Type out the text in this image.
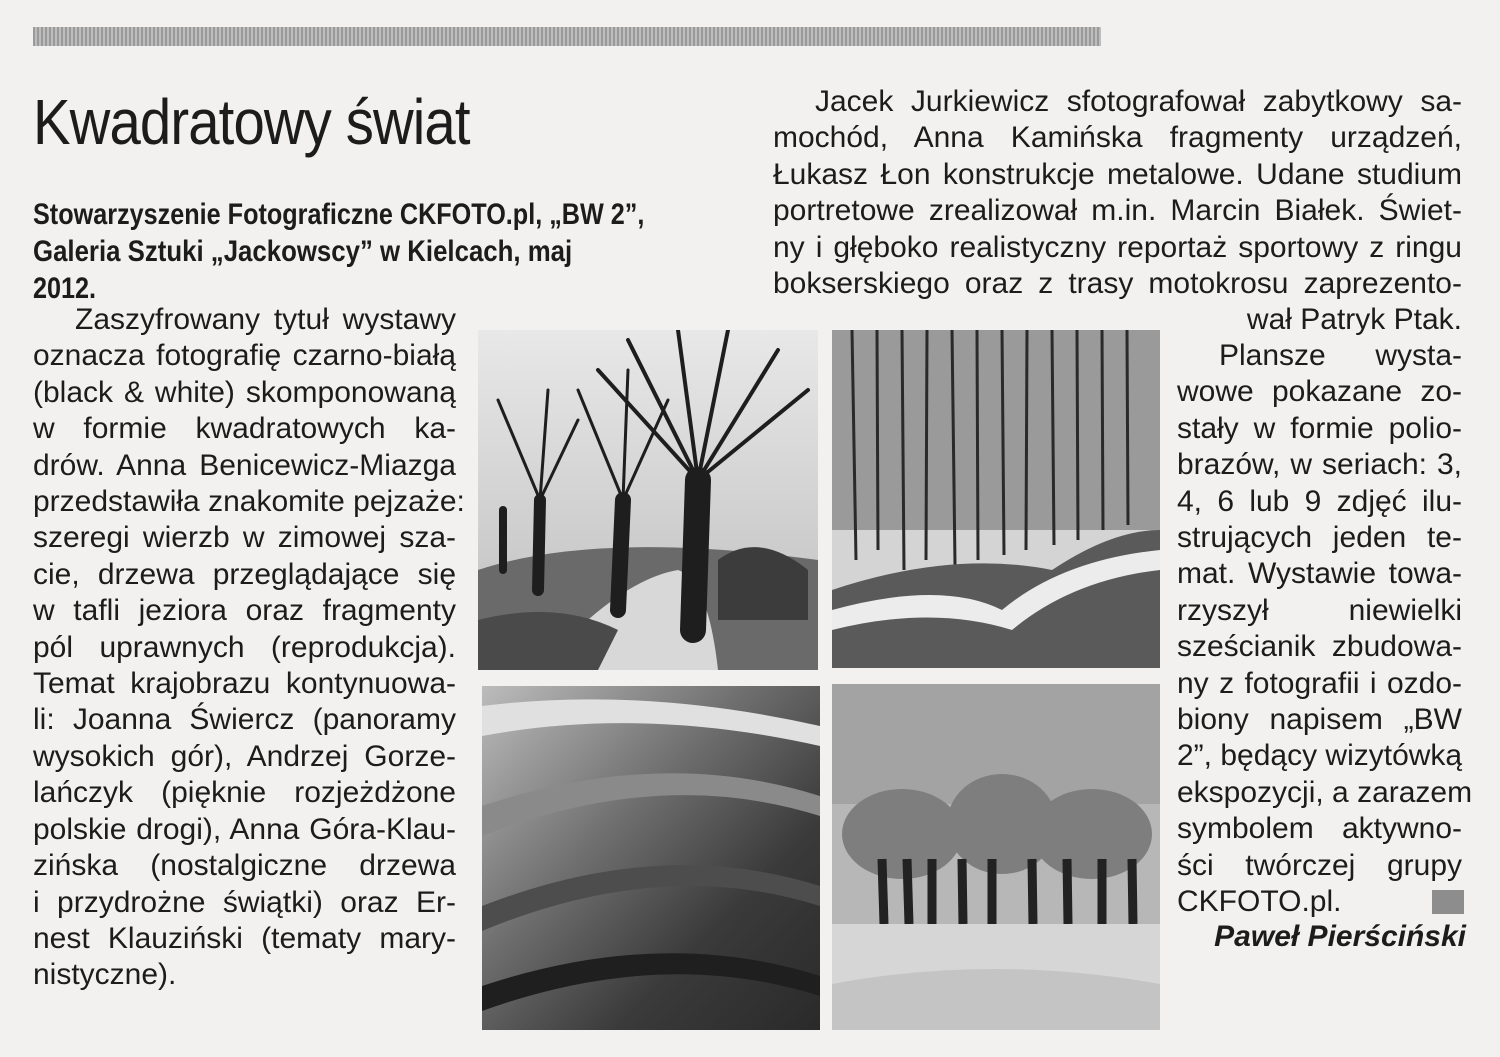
Kwadratowy świat

Stowarzyszenie Fotograficzne CKFOTO.pl, „BW 2”,
Galeria Sztuki „Jackowscy” w Kielcach, maj
2012.

Zaszyfrowany tytuł wystawy
oznacza fotografię czarno-białą
(black & white) skomponowaną
w formie kwadratowych ka-
drów. Anna Benicewicz-Miazga
przedstawiła znakomite pejzaże:
szeregi wierzb w zimowej sza-
cie, drzewa przeglądające się
w tafli jeziora oraz fragmenty
pól uprawnych (reprodukcja).
Temat krajobrazu kontynuowa-
li: Joanna Świercz (panoramy
wysokich gór), Andrzej Gorze-
lańczyk (pięknie rozjeżdżone
polskie drogi), Anna Góra-Klau-
zińska (nostalgiczne drzewa
i przydrożne świątki) oraz Er-
nest Klauziński (tematy mary-
nistyczne).
Jacek Jurkiewicz sfotografował zabytkowy sa-
mochód, Anna Kamińska fragmenty urządzeń,
Łukasz Łon konstrukcje metalowe. Udane studium
portretowe zrealizował m.in. Marcin Białek. Świet-
ny i głęboko realistyczny reportaż sportowy z ringu
bokserskiego oraz z trasy motokrosu zaprezento-
wał Patryk Ptak.
Plansze wysta-
wowe pokazane zo-
stały w formie polio-
brazów, w seriach: 3,
4, 6 lub 9 zdjęć ilu-
strujących jeden te-
mat. Wystawie towa-
rzyszył niewielki
sześcianik zbudowa-
ny z fotografii i ozdo-
biony napisem „BW
2”, będący wizytówką
ekspozycji, a zarazem
symbolem aktywno-
ści twórczej grupy
CKFOTO.pl.

Paweł Pierściński
